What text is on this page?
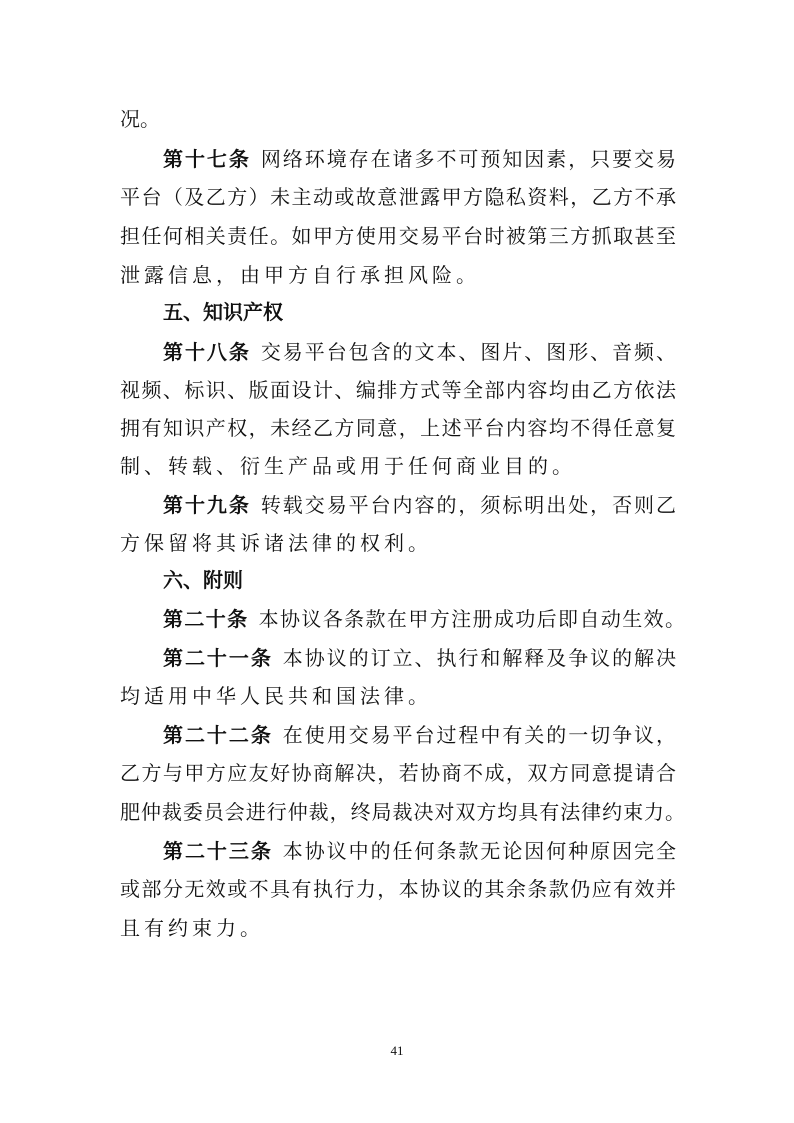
况。
第十七条 网络环境存在诸多不可预知因素，只要交易
平台（及乙方）未主动或故意泄露甲方隐私资料，乙方不承
担任何相关责任。如甲方使用交易平台时被第三方抓取甚至
泄露信息，由甲方自行承担风险。
五、知识产权
第十八条 交易平台包含的文本、图片、图形、音频、
视频、标识、版面设计、编排方式等全部内容均由乙方依法
拥有知识产权，未经乙方同意，上述平台内容均不得任意复
制、转载、衍生产品或用于任何商业目的。
第十九条 转载交易平台内容的，须标明出处，否则乙
方保留将其诉诸法律的权利。
六、附则
第二十条 本协议各条款在甲方注册成功后即自动生效。
第二十一条 本协议的订立、执行和解释及争议的解决
均适用中华人民共和国法律。
第二十二条 在使用交易平台过程中有关的一切争议，
乙方与甲方应友好协商解决，若协商不成，双方同意提请合
肥仲裁委员会进行仲裁，终局裁决对双方均具有法律约束力。
第二十三条 本协议中的任何条款无论因何种原因完全
或部分无效或不具有执行力，本协议的其余条款仍应有效并
且有约束力。
41
